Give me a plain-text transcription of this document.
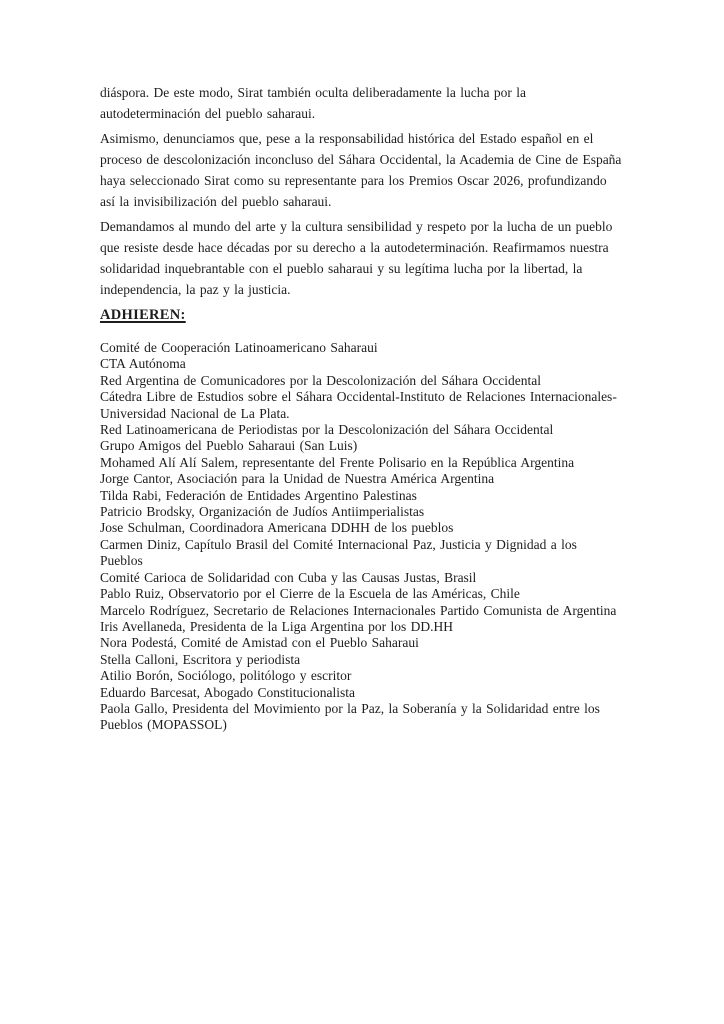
diáspora. De este modo, Sirat también oculta deliberadamente la lucha por la autodeterminación del pueblo saharaui.

Asimismo, denunciamos que, pese a la responsabilidad histórica del Estado español en el proceso de descolonización inconcluso del Sáhara Occidental, la Academia de Cine de España haya seleccionado Sirat como su representante para los Premios Oscar 2026, profundizando así la invisibilización del pueblo saharaui.

Demandamos al mundo del arte y la cultura sensibilidad y respeto por la lucha de un pueblo que resiste desde hace décadas por su derecho a la autodeterminación. Reafirmamos nuestra solidaridad inquebrantable con el pueblo saharaui y su legítima lucha por la libertad, la independencia, la paz y la justicia.

ADHIEREN:
Comité de Cooperación Latinoamericano Saharaui
CTA Autónoma
Red Argentina de Comunicadores por la Descolonización del Sáhara Occidental
Cátedra Libre de Estudios sobre el Sáhara Occidental-Instituto de Relaciones Internacionales-Universidad Nacional de La Plata.
Red Latinoamericana de Periodistas por la Descolonización del Sáhara Occidental
Grupo Amigos del Pueblo Saharaui (San Luis)
Mohamed Alí Alí Salem, representante del Frente Polisario en la República Argentina
Jorge Cantor, Asociación para la Unidad de Nuestra América Argentina
Tilda Rabi, Federación de Entidades Argentino Palestinas
Patricio Brodsky, Organización de Judíos Antiimperialistas
Jose Schulman, Coordinadora Americana DDHH de los pueblos
Carmen Diniz, Capítulo Brasil del Comité Internacional Paz, Justicia y Dignidad a los Pueblos
Comité Carioca de Solidaridad con Cuba y las Causas Justas, Brasil
Pablo Ruiz, Observatorio por el Cierre de la Escuela de las Américas, Chile
Marcelo Rodríguez, Secretario de Relaciones Internacionales Partido Comunista de Argentina
Iris Avellaneda, Presidenta de la Liga Argentina por los DD.HH
Nora Podestá, Comité de Amistad con el Pueblo Saharaui
Stella Calloni, Escritora y periodista
Atilio Borón, Sociólogo, politólogo y escritor
Eduardo Barcesat, Abogado Constitucionalista
Paola Gallo, Presidenta del Movimiento por la Paz, la Soberanía y la Solidaridad entre los Pueblos (MOPASSOL)
